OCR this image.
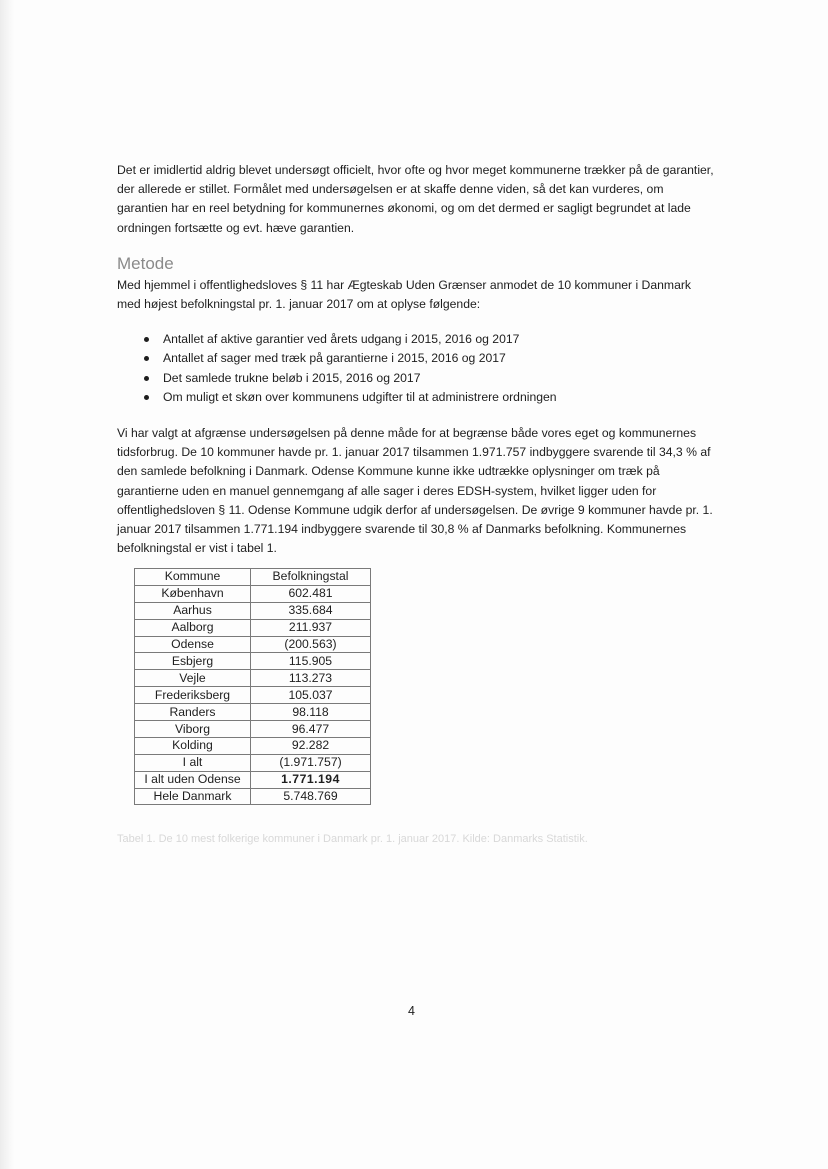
Det er imidlertid aldrig blevet undersøgt officielt, hvor ofte og hvor meget kommunerne trækker på de garantier, der allerede er stillet. Formålet med undersøgelsen er at skaffe denne viden, så det kan vurderes, om garantien har en reel betydning for kommunernes økonomi, og om det dermed er sagligt begrundet at lade ordningen fortsætte og evt. hæve garantien.

Metode

Med hjemmel i offentlighedsloves § 11 har Ægteskab Uden Grænser anmodet de 10 kommuner i Danmark med højest befolkningstal pr. 1. januar 2017 om at oplyse følgende:

Antallet af aktive garantier ved årets udgang i 2015, 2016 og 2017
Antallet af sager med træk på garantierne i 2015, 2016 og 2017
Det samlede trukne beløb i 2015, 2016 og 2017
Om muligt et skøn over kommunens udgifter til at administrere ordningen

Vi har valgt at afgrænse undersøgelsen på denne måde for at begrænse både vores eget og kommunernes tidsforbrug. De 10 kommuner havde pr. 1. januar 2017 tilsammen 1.971.757 indbyggere svarende til 34,3 % af den samlede befolkning i Danmark. Odense Kommune kunne ikke udtrække oplysninger om træk på garantierne uden en manuel gennemgang af alle sager i deres EDSH-system, hvilket ligger uden for offentlighedsloven § 11. Odense Kommune udgik derfor af undersøgelsen. De øvrige 9 kommuner havde pr. 1. januar 2017 tilsammen 1.771.194 indbyggere svarende til 30,8 % af Danmarks befolkning. Kommunernes befolkningstal er vist i tabel 1.

Kommune	Befolkningstal
København	602.481
Aarhus	335.684
Aalborg	211.937
Odense	(200.563)
Esbjerg	115.905
Vejle	113.273
Frederiksberg	105.037
Randers	98.118
Viborg	96.477
Kolding	92.282
I alt	(1.971.757)
I alt uden Odense	1.771.194
Hele Danmark	5.748.769

Tabel 1. De 10 mest folkerige kommuner i Danmark pr. 1. januar 2017. Kilde: Danmarks Statistik.

4
